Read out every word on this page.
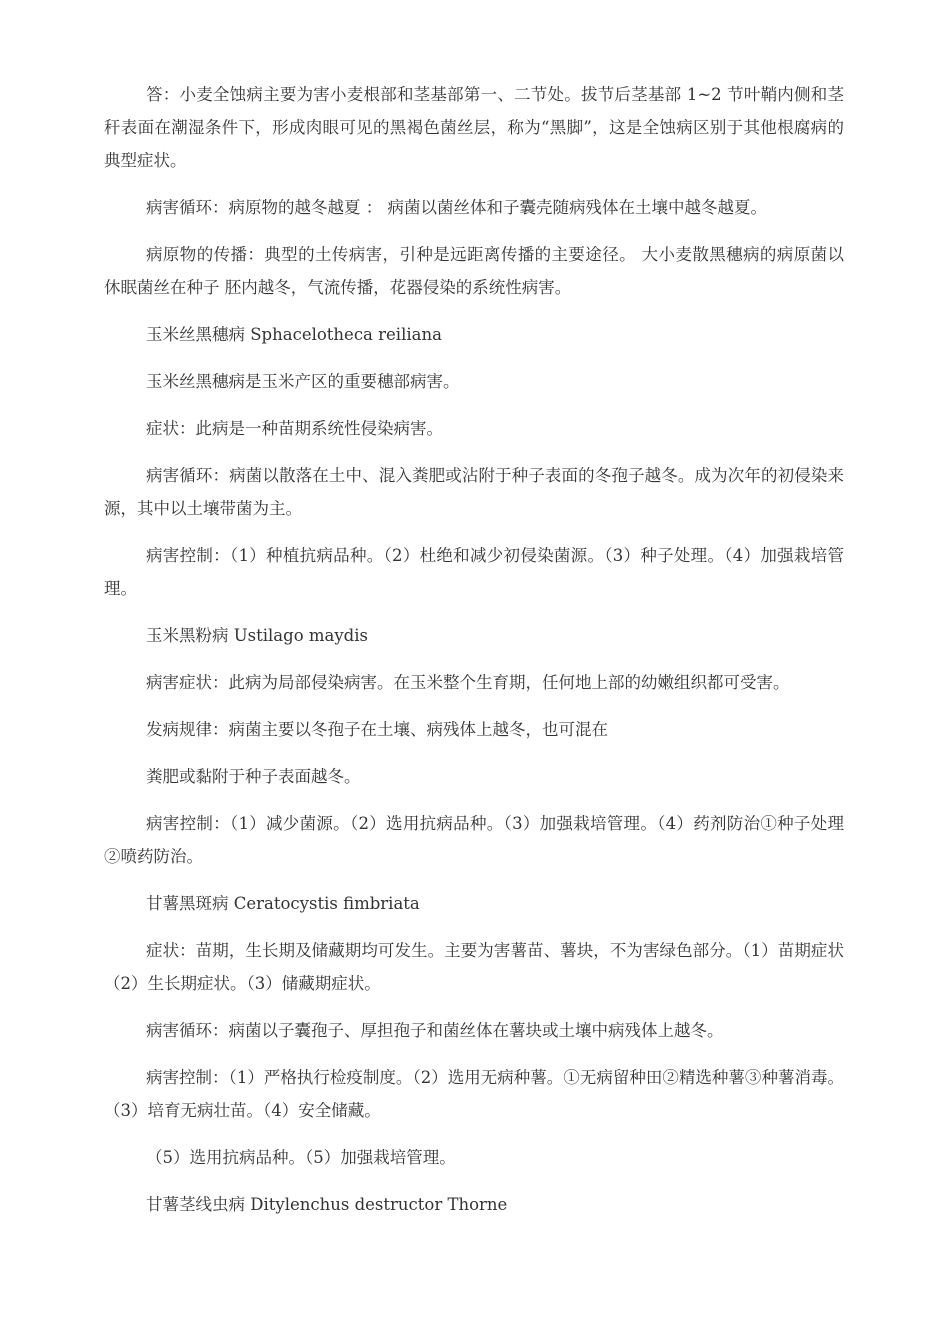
答：小麦全蚀病主要为害小麦根部和茎基部第一、二节处。拔节后茎基部 1~2 节叶鞘内侧和茎秆表面在潮湿条件下，形成肉眼可见的黑褐色菌丝层，称为“黑脚”，这是全蚀病区别于其他根腐病的典型症状。

病害循环：病原物的越冬越夏 ： 病菌以菌丝体和子囊壳随病残体在土壤中越冬越夏。

病原物的传播：典型的土传病害，引种是远距离传播的主要途径。 大小麦散黑穗病的病原菌以休眠菌丝在种子 胚内越冬，气流传播，花器侵染的系统性病害。

玉米丝黑穗病 Sphacelotheca reiliana

玉米丝黑穗病是玉米产区的重要穗部病害。

症状：此病是一种苗期系统性侵染病害。

病害循环：病菌以散落在土中、混入粪肥或沾附于种子表面的冬孢子越冬。成为次年的初侵染来源，其中以土壤带菌为主。

病害控制：（1）种植抗病品种。（2）杜绝和减少初侵染菌源。（3）种子处理。（4）加强栽培管理。

玉米黑粉病 Ustilago maydis

病害症状：此病为局部侵染病害。在玉米整个生育期，任何地上部的幼嫩组织都可受害。

发病规律：病菌主要以冬孢子在土壤、病残体上越冬，也可混在

粪肥或黏附于种子表面越冬。

病害控制：（1）减少菌源。（2）选用抗病品种。（3）加强栽培管理。（4）药剂防治①种子处理②喷药防治。

甘薯黑斑病 Ceratocystis fimbriata

症状：苗期，生长期及储藏期均可发生。主要为害薯苗、薯块，不为害绿色部分。（1）苗期症状（2）生长期症状。（3）储藏期症状。

病害循环：病菌以子囊孢子、厚担孢子和菌丝体在薯块或土壤中病残体上越冬。

病害控制：（1）严格执行检疫制度。（2）选用无病种薯。①无病留种田②精选种薯③种薯消毒。（3）培育无病壮苗。（4）安全储藏。

（5）选用抗病品种。（5）加强栽培管理。

甘薯茎线虫病 Ditylenchus destructor Thorne
